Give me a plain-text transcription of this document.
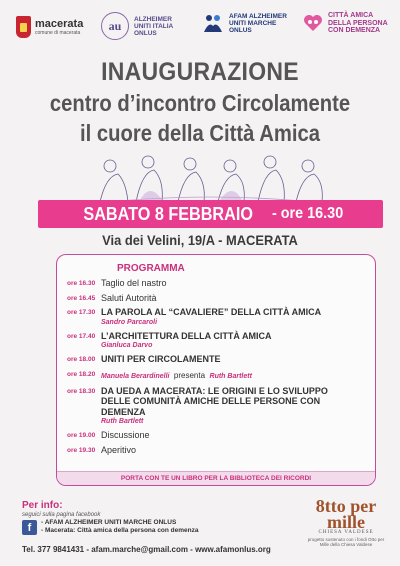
macerata
comune di macerata	au	ALZHEIMER
UNITI ITALIA
ONLUS
AFAM ALZHEIMER
UNITI MARCHE
ONLUS
CITTÀ AMICA
DELLA PERSONA
CON DEMENZA
INAUGURAZIONE
centro d’incontro Circolamente
il cuore della Città Amica
SABATO 8 FEBBRAIO - ore 16.30
Via dei Velini, 19/A - MACERATA
PROGRAMMA
ore 16.30 Taglio del nastro
ore 16.45 Saluti Autorità
ore 17.30 LA PAROLA AL “CAVALIERE” DELLA CITTÀ AMICA
Sandro Parcaroli
ore 17.40 L’ARCHITETTURA DELLA CITTÀ AMICA
Gianluca Darvo
ore 18.00 UNITI PER CIRCOLAMENTE
ore 18.20 Manuela Berardinelli presenta Ruth Bartlett
ore 18.30 DA UEDA A MACERATA: LE ORIGINI E LO SVILUPPO DELLE COMUNITÀ AMICHE DELLE PERSONE CON DEMENZA
Ruth Bartlett
ore 19.00 Discussione
ore 19.30 Aperitivo
PORTA CON TE UN LIBRO PER LA BIBLIOTECA DEI RICORDI
Per info:
seguici sulla pagina facebook
f	- AFAM ALZHEIMER UNITI MARCHE ONLUS
- Macerata: Città amica della persona con demenza
Tel. 377 9841431 - afam.marche@gmail.com - www.afamonlus.org
8tto per
mille
CHIESA VALDESE
progetto sostenuto con i fondi Otto per Mille della Chiesa Valdese
